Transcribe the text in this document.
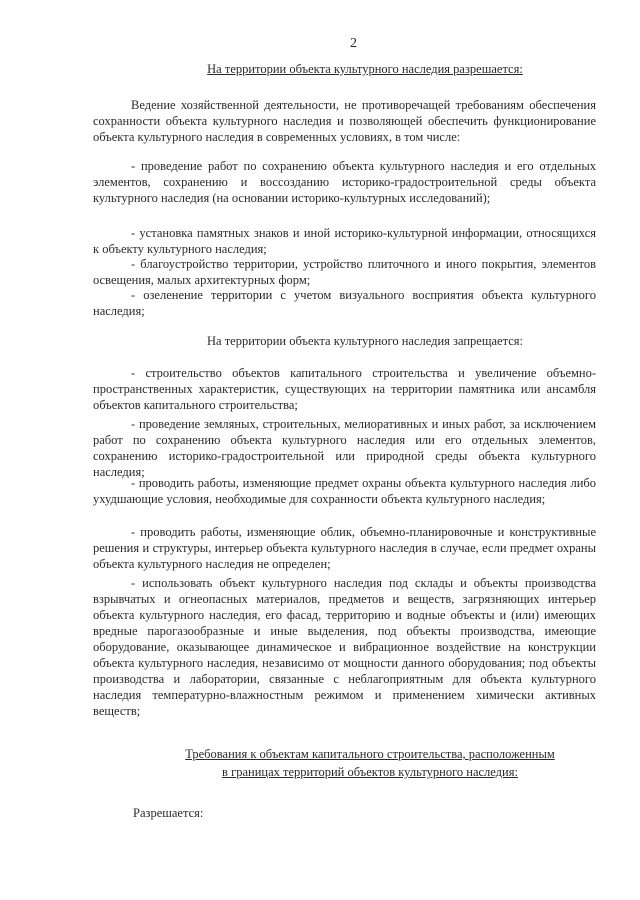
2
На территории объекта культурного наследия разрешается:
Ведение хозяйственной деятельности, не противоречащей требованиям обеспечения сохранности объекта культурного наследия и позволяющей обеспечить функционирование объекта культурного наследия в современных условиях, в том числе:
- проведение работ по сохранению объекта культурного наследия и его отдельных элементов, сохранению и воссозданию историко-градостроительной среды объекта культурного наследия (на основании историко-культурных исследований);
- установка памятных знаков и иной историко-культурной информации, относящихся к объекту культурного наследия;
- благоустройство территории, устройство плиточного и иного покрытия, элементов освещения, малых архитектурных форм;
- озеленение территории с учетом визуального восприятия объекта культурного наследия;
На территории объекта культурного наследия запрещается:
- строительство объектов капитального строительства и увеличение объемно-пространственных характеристик, существующих на территории памятника или ансамбля объектов капитального строительства;
- проведение земляных, строительных, мелиоративных и иных работ, за исключением работ по сохранению объекта культурного наследия или его отдельных элементов, сохранению историко-градостроительной или природной среды объекта культурного наследия;
- проводить работы, изменяющие предмет охраны объекта культурного наследия либо ухудшающие условия, необходимые для сохранности объекта культурного наследия;
- проводить работы, изменяющие облик, объемно-планировочные и конструктивные решения и структуры, интерьер объекта культурного наследия в случае, если предмет охраны объекта культурного наследия не определен;
- использовать объект культурного наследия под склады и объекты производства взрывчатых и огнеопасных материалов, предметов и веществ, загрязняющих интерьер объекта культурного наследия, его фасад, территорию и водные объекты и (или) имеющих вредные парогазообразные и иные выделения, под объекты производства, имеющие оборудование, оказывающее динамическое и вибрационное воздействие на конструкции объекта культурного наследия, независимо от мощности данного оборудования; под объекты производства и лаборатории, связанные с неблагоприятным для объекта культурного наследия температурно-влажностным режимом и применением химически активных веществ;
Требования к объектам капитального строительства, расположенным
в границах территорий объектов культурного наследия:
Разрешается:
